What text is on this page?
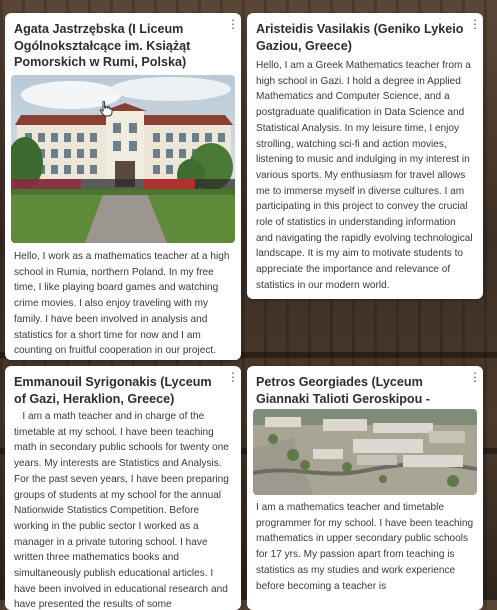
Agata Jastrzębska (I Liceum Ogólnokształcące im. Książąt Pomorskich w Rumi, Polska)
⋮
Hello, I work as a mathematics teacher at a high school in Rumia, northern Poland. In my free time, I like playing board games and watching crime movies. I also enjoy traveling with my family. I have been involved in analysis and statistics for a short time for now and I am counting on fruitful cooperation in our project.
Aristeidis Vasilakis (Geniko Lykeio Gaziou, Greece)
⋮
Hello, I am a Greek Mathematics teacher from a high school in Gazi. I hold a degree in Applied Mathematics and Computer Science, and a postgraduate qualification in Data Science and Statistical Analysis. In my leisure time, I enjoy strolling, watching sci-fi and action movies, listening to music and indulging in my interest in various sports. My enthusiasm for travel allows me to immerse myself in diverse cultures. I am participating in this project to convey the crucial role of statistics in understanding information and navigating the rapidly evolving technological landscape. It is my aim to motivate students to appreciate the importance and relevance of statistics in our modern world.
Emmanouil Syrigonakis (Lyceum of Gazi, Heraklion, Greece)
⋮
I am a math teacher and in charge of the timetable at my school. I have been teaching math in secondary public schools for twenty one years. My interests are Statistics and Analysis. For the past seven years, I have been preparing groups of students at my school for the annual Nationwide Statistics Competition. Before working in the public sector I worked as a manager in a private tutoring school. I have written three mathematics books and simultaneously publish educational articles. I have been involved in educational research and have presented the results of some
Petros Georgiades (Lyceum Giannaki Talioti Geroskipou -
⋮
I am a mathematics teacher and timetable programmer for my school. I have been teaching mathematics in upper secondary public schools for 17 yrs. My passion apart from teaching is statistics as my studies and work experience before becoming a teacher is
